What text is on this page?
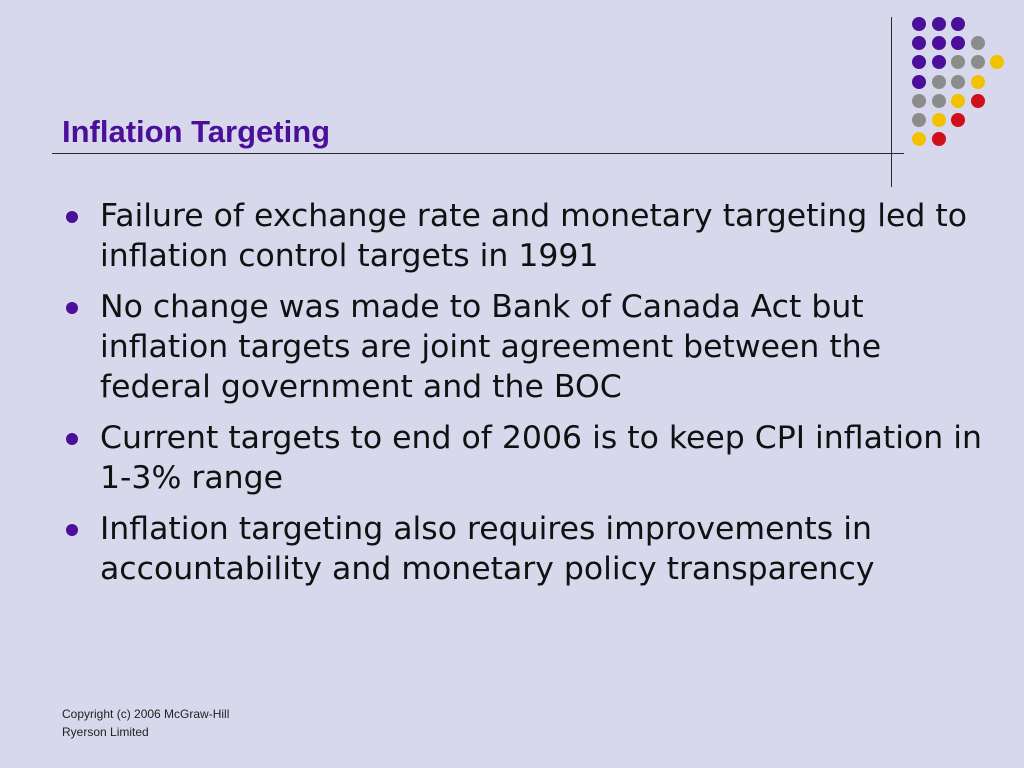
Inflation Targeting
Failure of exchange rate and monetary targeting led to inflation control targets in 1991
No change was made to Bank of Canada Act but inflation targets are joint agreement between the federal government and the BOC
Current targets to end of 2006 is to keep CPI inflation in  1-3% range
Inflation targeting also requires improvements in accountability and monetary policy transparency
Copyright (c) 2006 McGraw-Hill
Ryerson Limited
